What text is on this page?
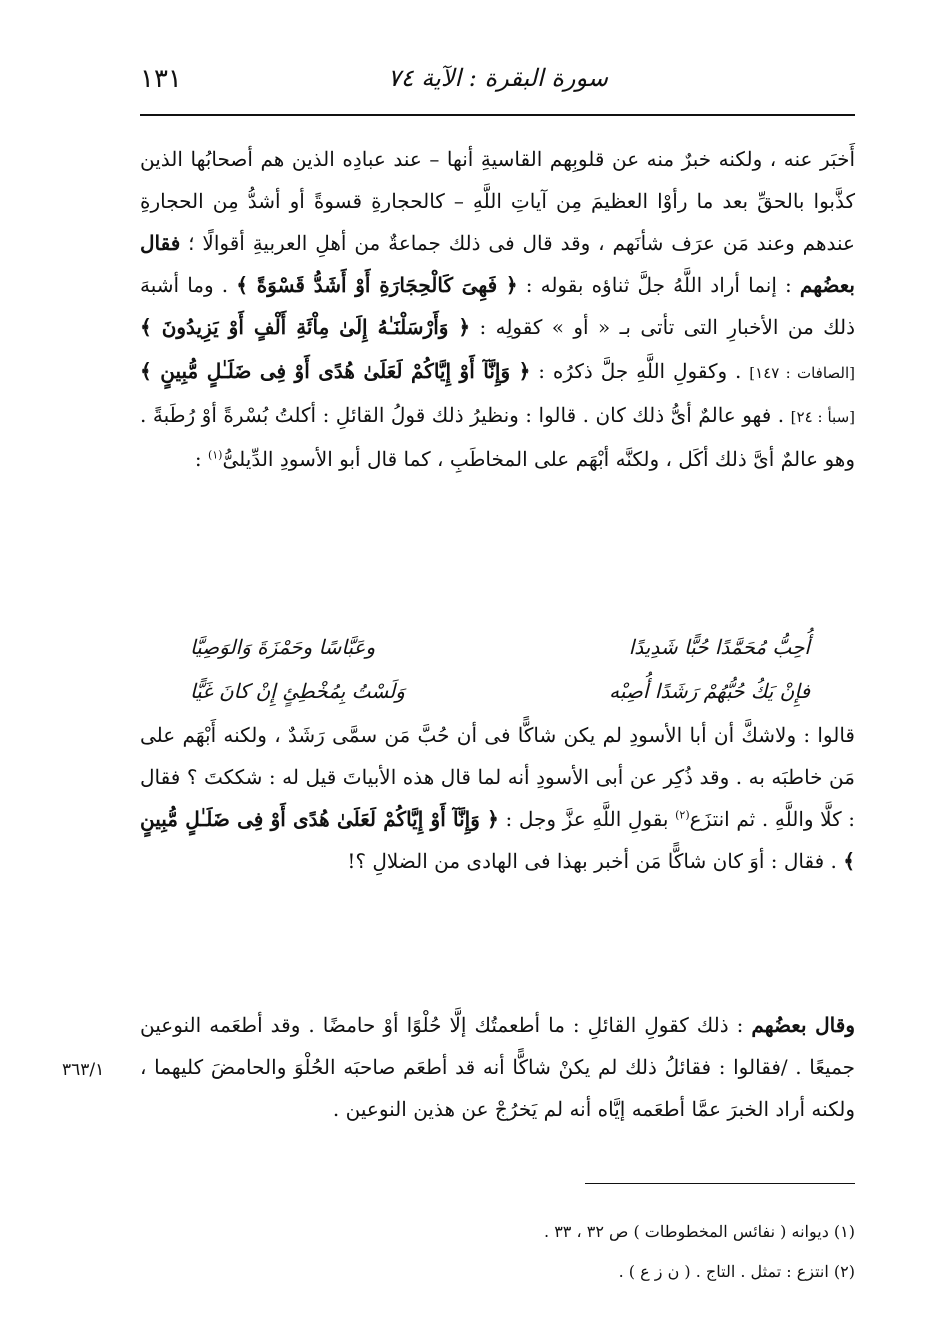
١٣١	سورة البقرة : الآية ٧٤

أَخبَر عنه ، ولكنه خبرٌ منه عن قلوبِهم القاسيةِ أنها – عند عبادِه الذين هم أصحابُها الذين كذَّبوا بالحقِّ بعد ما رأوْا العظيمَ مِن آياتِ اللَّهِ – كالحجارةِ قسوةً أو أشدُّ مِن الحجارةِ عندهم وعند مَن عرَف شأنَهم ، وقد قال فى ذلك جماعةٌ من أهلِ العربيةِ أقوالًا ؛ فقال بعضُهم : إنما أراد اللَّهُ جلَّ ثناؤه بقوله : ﴿ فَهِىَ كَالْحِجَارَةِ أَوْ أَشَدُّ قَسْوَةً ﴾ . وما أشبهَ ذلك من الأخبارِ التى تأتى بـ « أو » كقولِه : ﴿ وَأَرْسَلْنَـٰهُ إِلَىٰ مِاْئَةِ أَلْفٍ أَوْ يَزِيدُونَ ﴾ [الصافات : ١٤٧] . وكقولِ اللَّهِ جلَّ ذكرُه : ﴿ وَإِنَّآ أَوْ إِيَّاكُمْ لَعَلَىٰ هُدًى أَوْ فِى ضَلَـٰلٍ مُّبِينٍ ﴾ [سبأ : ٢٤] . فهو عالمٌ أىُّ ذلك كان . قالوا : ونظيرُ ذلك قولُ القائلِ : أكلتُ بُسْرةً أوْ رُطَبةً . وهو عالمٌ أىَّ ذلك أكَل ، ولكنَّه أبْهَم على المخاطَبِ ، كما قال أبو الأسودِ الدِّيلىُّ$^{(١)}$ :

أُحِبُّ مُحَمَّدًا حُبًّا شَدِيدًا
وعَبَّاسًا وحَمْزَةَ وَالوَصِيَّا
فإِنْ يَكُ حُبُّهُمْ رَشَدًا أُصِبْه
وَلَسْتُ بِمُخْطِئٍ إِنْ كانَ غَيًّا

قالوا : ولاشكَّ أن أبا الأسودِ لم يكن شاكًّا فى أن حُبَّ مَن سمَّى رَشَدٌ ، ولكنه أَبْهَم على مَن خاطبَه به . وقد ذُكِر عن أبى الأسودِ أنه لما قال هذه الأبياتَ قيل له : شككتَ ؟ فقال : كلَّا واللَّهِ . ثم انتزَع$^{(٢)}$ بقولِ اللَّهِ عزَّ وجل : ﴿ وَإِنَّآ أَوْ إِيَّاكُمْ لَعَلَىٰ هُدًى أَوْ فِى ضَلَـٰلٍ مُّبِينٍ ﴾ . فقال : أوَ كان شاكًّا مَن أخبر بهذا فى الهادى من الضلالِ ؟!

وقال بعضُهم : ذلك كقولِ القائلِ : ما أطعمتُك إلَّا حُلْوًا أوْ حامضًا . وقد أطعَمه النوعين جميعًا . /فقالوا : فقائلُ ذلك لم يكنْ شاكًّا أنه قد أطعَم صاحبَه الحُلْوَ والحامضَ كليهما ، ولكنه أراد الخبرَ عمَّا أطعَمه إيَّاه أنه لم يَخرُجْ عن هذين النوعين .

٣٦٣/١
(١) ديوانه ( نفائس المخطوطات ) ص ٣٢ ، ٣٣ .
(٢) انتزع : تمثل . التاج . ( ن ز ع ) .
